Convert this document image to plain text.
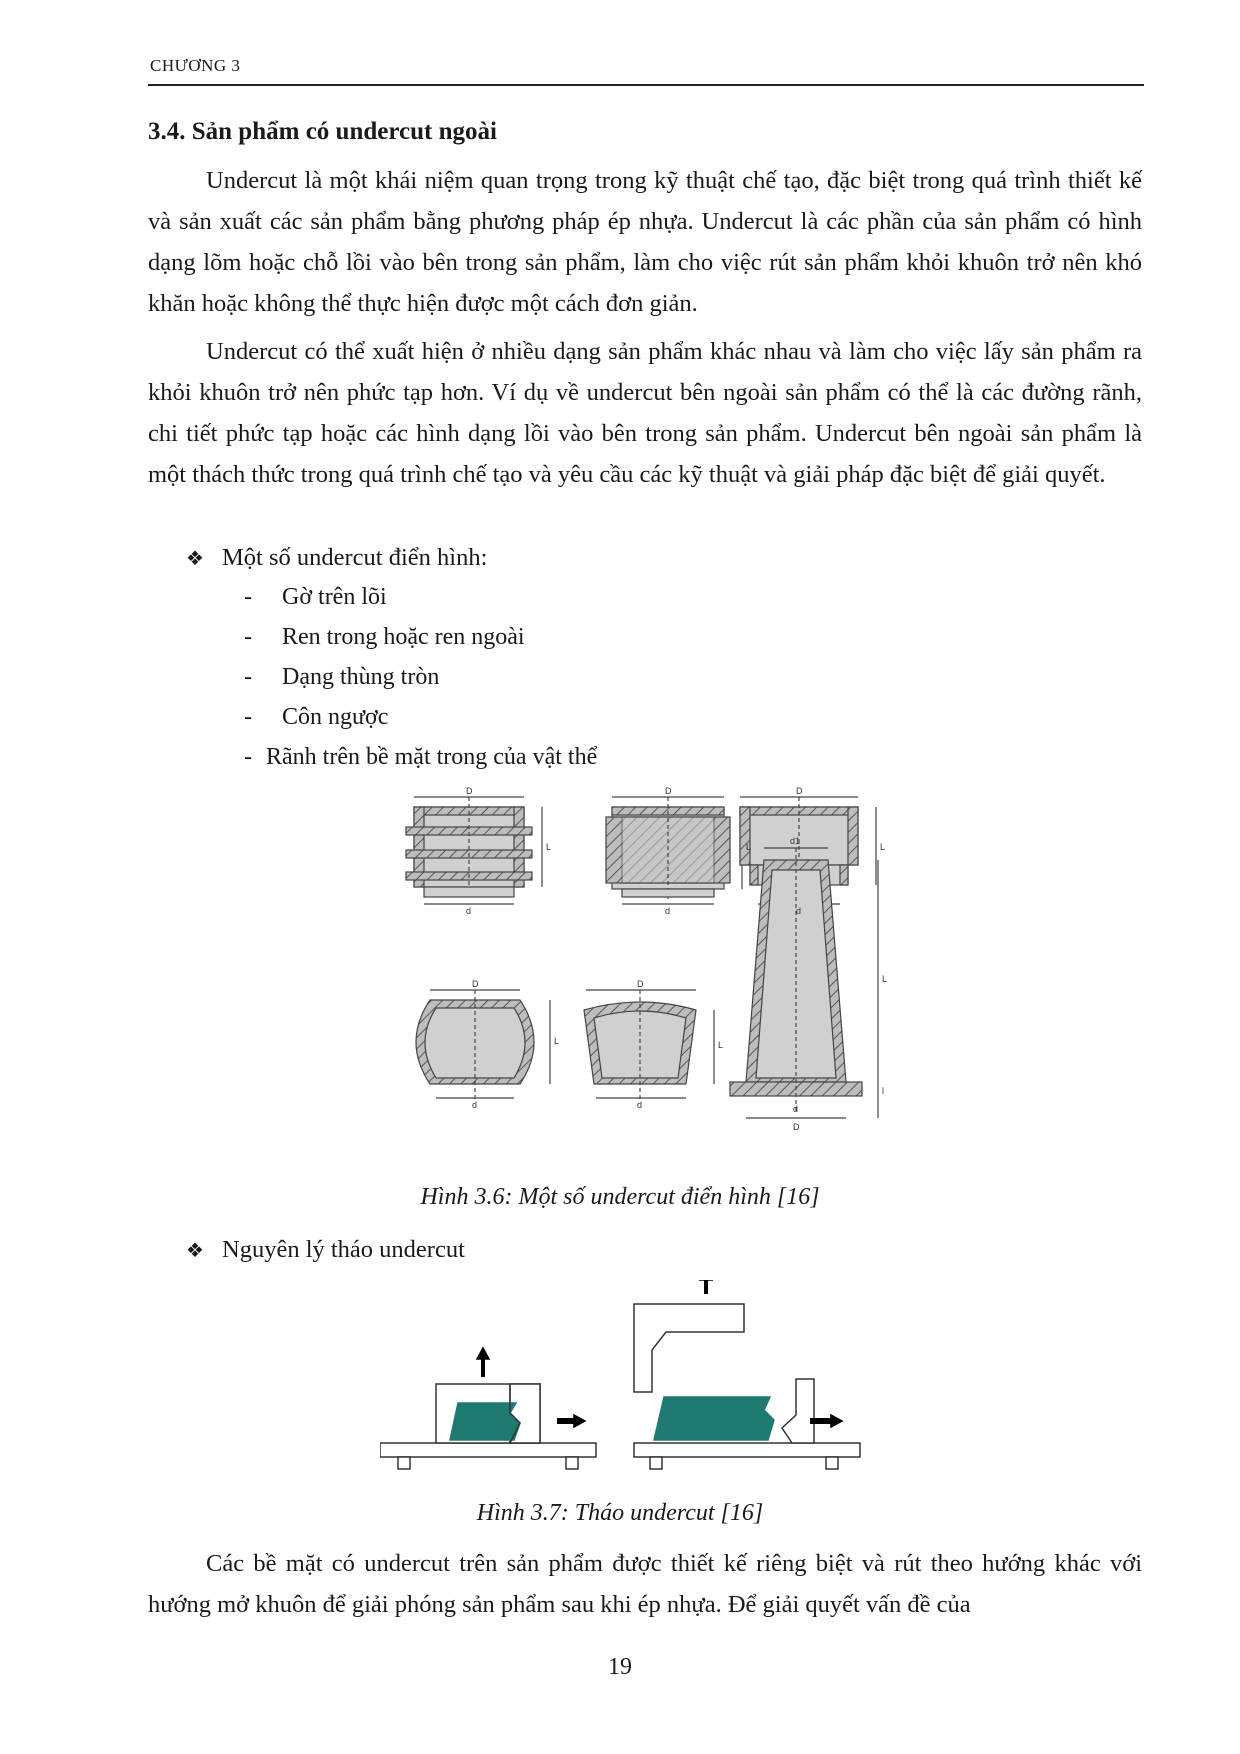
CHƯƠNG 3
3.4. Sản phẩm có undercut ngoài

Undercut là một khái niệm quan trọng trong kỹ thuật chế tạo, đặc biệt trong quá trình thiết kế và sản xuất các sản phẩm bằng phương pháp ép nhựa. Undercut là các phần của sản phẩm có hình dạng lõm hoặc chỗ lồi vào bên trong sản phẩm, làm cho việc rút sản phẩm khỏi khuôn trở nên khó khăn hoặc không thể thực hiện được một cách đơn giản.

Undercut có thể xuất hiện ở nhiều dạng sản phẩm khác nhau và làm cho việc lấy sản phẩm ra khỏi khuôn trở nên phức tạp hơn. Ví dụ về undercut bên ngoài sản phẩm có thể là các đường rãnh, chi tiết phức tạp hoặc các hình dạng lồi vào bên trong sản phẩm. Undercut bên ngoài sản phẩm là một thách thức trong quá trình chế tạo và yêu cầu các kỹ thuật và giải pháp đặc biệt để giải quyết.

❖ Một số undercut điển hình:
- Gờ trên lõi
- Ren trong hoặc ren ngoài
- Dạng thùng tròn
- Côn ngược
- Rãnh trên bề mặt trong của vật thể
D
L
d
D
L
d
D
L
d
D
L
d
D
L
d
d1
L
l
d
D
Hình 3.6: Một số undercut điển hình [16]
❖ Nguyên lý tháo undercut
Hình 3.7: Tháo undercut [16]

Các bề mặt có undercut trên sản phẩm được thiết kế riêng biệt và rút theo hướng khác với hướng mở khuôn để giải phóng sản phẩm sau khi ép nhựa. Để giải quyết vấn đề của

19
